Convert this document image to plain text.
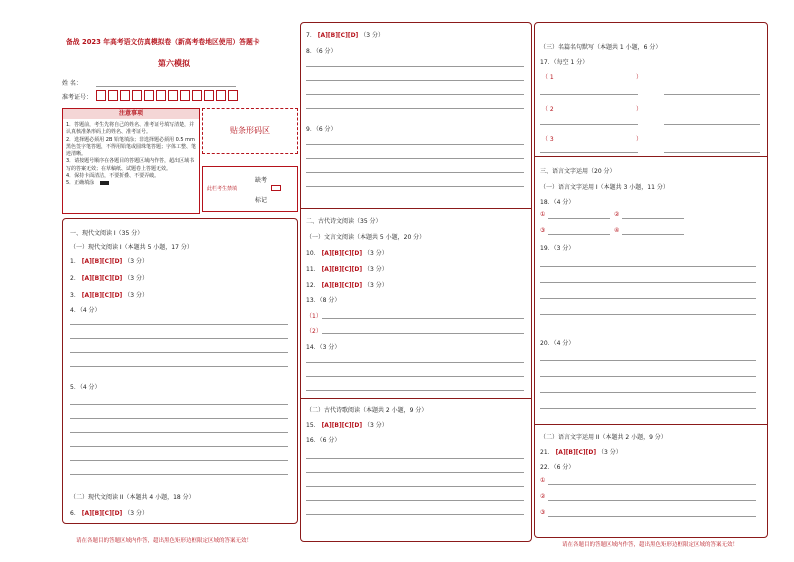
备战 2023 年高考语文仿真模拟卷（新高考卷地区使用）答题卡
第六模拟
姓 名：
准考证号：
注意事项
1．答题前，考生先将自己的姓名、准考证号填写清楚，并认真核准条形码上的姓名、准考证号。
2．选择题必须用 2B 铅笔填涂；非选择题必须用 0.5 mm 黑色签字笔答题，不得用铅笔或圆珠笔答题；字体工整、笔迹清晰。
3．请按题号顺序在各题目的答题区域内作答，超出区域书写的答案无效；在草稿纸、试题卷上答题无效。
4．保持卡面清洁，不要折叠、不要弄破。
5．正确填涂
贴条形码区
缺考
此栏考生禁填
标记
一、现代文阅读 I（35 分）
（一）现代文阅读 I（本题共 5 小题，17 分）
1． [A][B][C][D] （3 分）
2． [A][B][C][D] （3 分）
3． [A][B][C][D] （3 分）
4．（4 分）
5．（4 分）
（二）现代文阅读 II（本题共 4 小题，18 分）
6． [A][B][C][D] （3 分）
请在各题目的答题区域内作答，超出黑色矩形边框限定区域的答案无效！
7． [A][B][C][D] （3 分）
8．（6 分）
9．（6 分）
二、古代诗文阅读（35 分）
（一）文言文阅读（本题共 5 小题，20 分）
10． [A][B][C][D] （3 分）
11． [A][B][C][D] （3 分）
12． [A][B][C][D] （3 分）
13．（8 分）
（1）
（2）
14．（3 分）
（二）古代诗歌阅读（本题共 2 小题，9 分）
15． [A][B][C][D] （3 分）
16．（6 分）
（三）名篇名句默写（本题共 1 小题，6 分）
17．（每空 1 分）
（ 1	）
（ 2	）
（ 3	）
三、语言文字运用（20 分）
（一）语言文字运用 I（本题共 3 小题，11 分）
18．（4 分）
①	②
③	④
19．（3 分）
20．（4 分）
（二）语言文字运用 II（本题共 2 小题，9 分）
21． [A][B][C][D] （3 分）
22．（6 分）
①
②
③
请在各题目的答题区域内作答，超出黑色矩形边框限定区域的答案无效！
